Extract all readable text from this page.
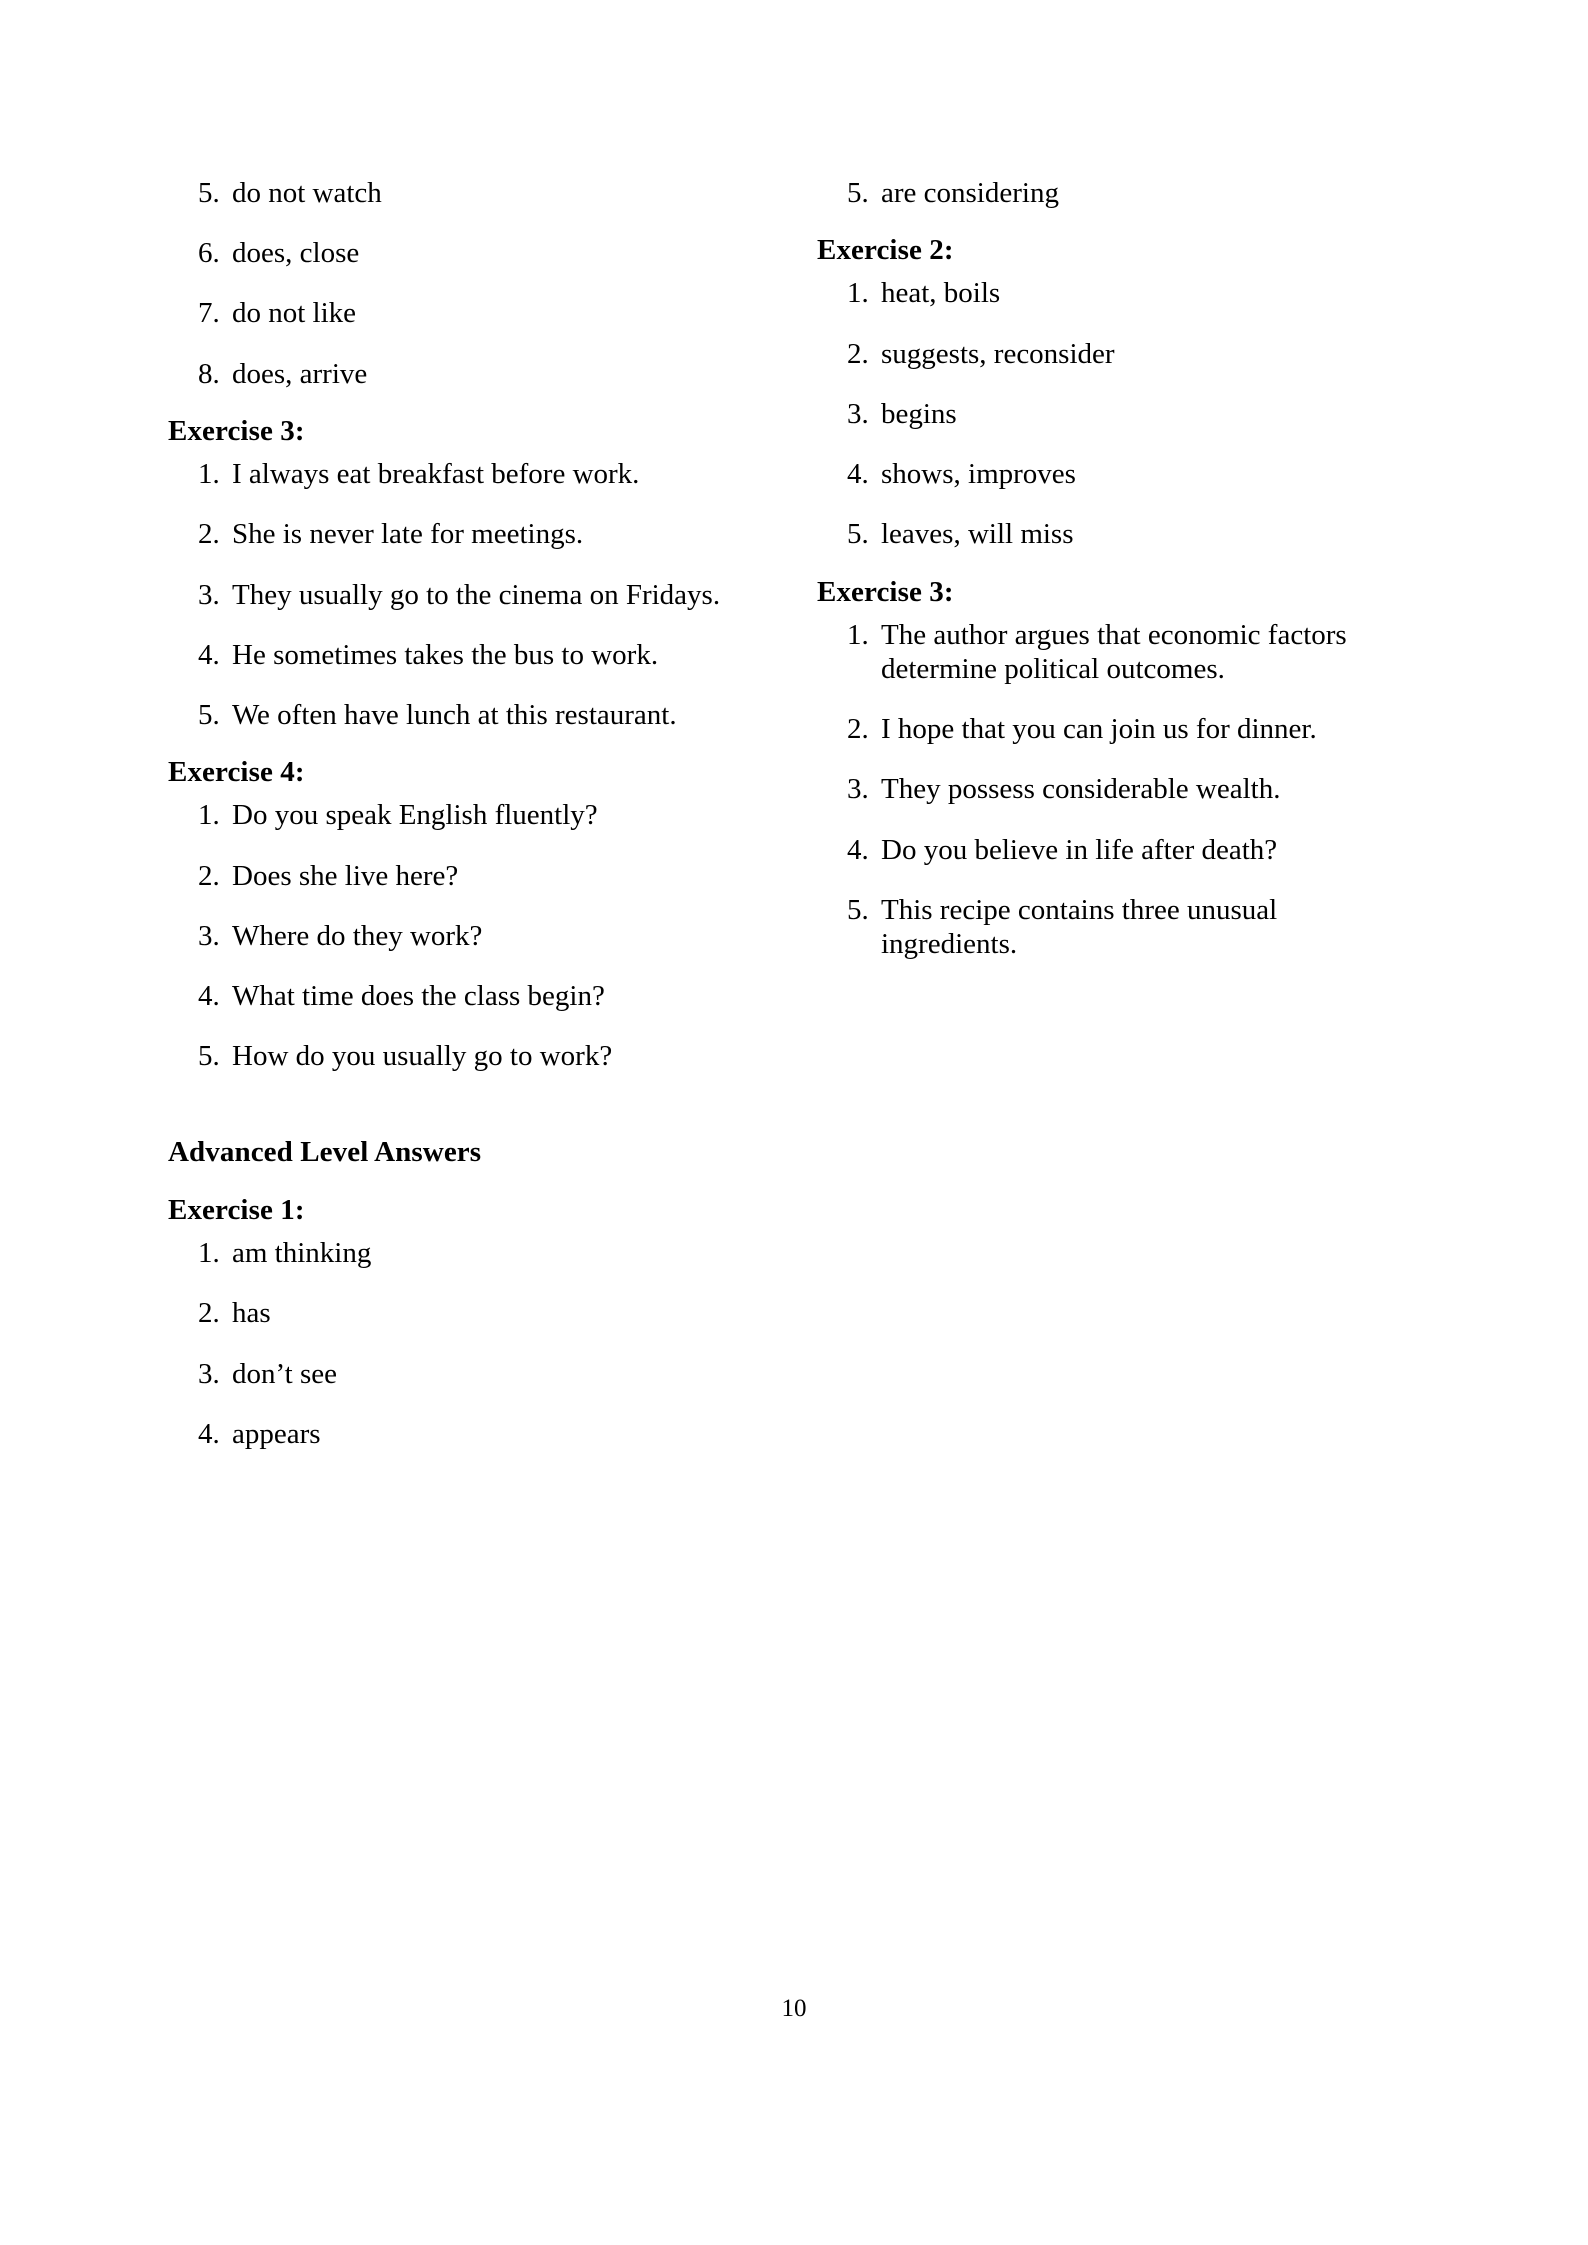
5. do not watch
6. does, close
7. do not like
8. does, arrive
Exercise 3:
1. I always eat breakfast before work.
2. She is never late for meetings.
3. They usually go to the cinema on Fridays.
4. He sometimes takes the bus to work.
5. We often have lunch at this restaurant.
Exercise 4:
1. Do you speak English fluently?
2. Does she live here?
3. Where do they work?
4. What time does the class begin?
5. How do you usually go to work?
Advanced Level Answers
Exercise 1:
1. am thinking
2. has
3. don’t see
4. appears
5. are considering
Exercise 2:
1. heat, boils
2. suggests, reconsider
3. begins
4. shows, improves
5. leaves, will miss
Exercise 3:
1. The author argues that economic factors determine political outcomes.
2. I hope that you can join us for dinner.
3. They possess considerable wealth.
4. Do you believe in life after death?
5. This recipe contains three unusual ingredients.
10
